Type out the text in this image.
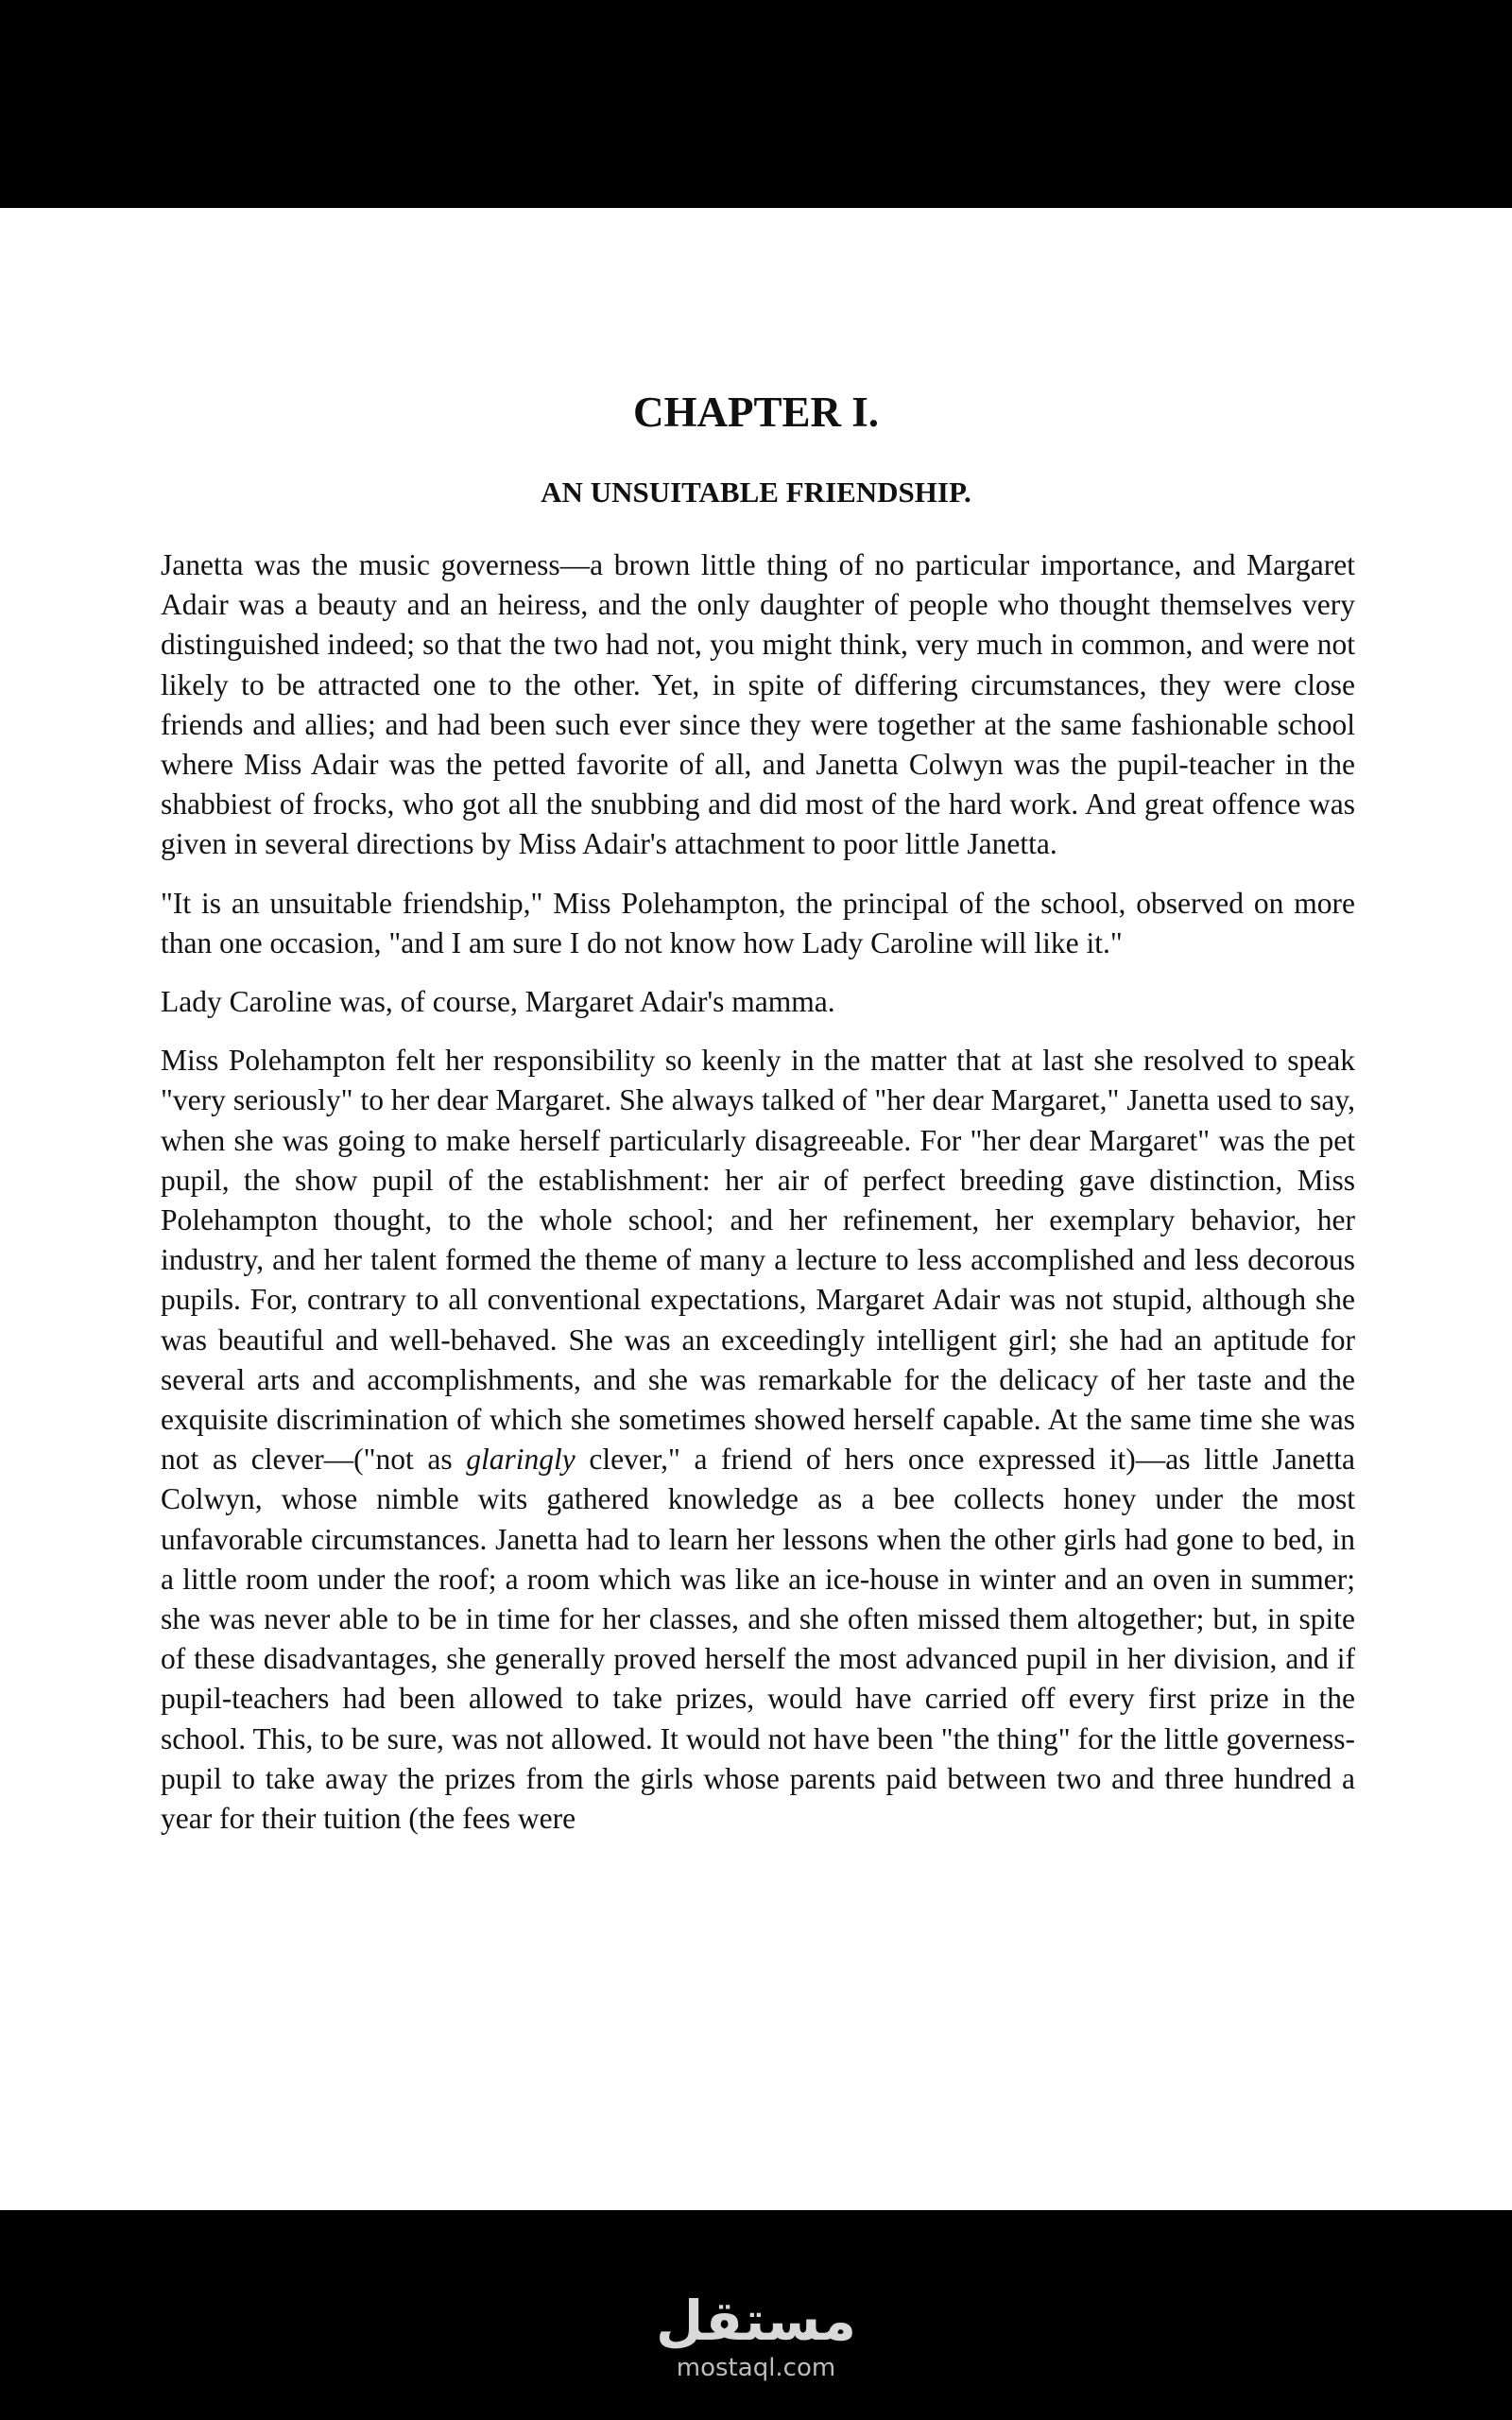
CHAPTER I.
AN UNSUITABLE FRIENDSHIP.

Janetta was the music governess—a brown little thing of no particular importance, and Margaret Adair was a beauty and an heiress, and the only daughter of people who thought themselves very distinguished indeed; so that the two had not, you might think, very much in common, and were not likely to be attracted one to the other. Yet, in spite of differing circumstances, they were close friends and allies; and had been such ever since they were together at the same fashionable school where Miss Adair was the petted favorite of all, and Janetta Colwyn was the pupil-teacher in the shabbiest of frocks, who got all the snubbing and did most of the hard work. And great offence was given in several directions by Miss Adair's attachment to poor little Janetta.

"It is an unsuitable friendship," Miss Polehampton, the principal of the school, observed on more than one occasion, "and I am sure I do not know how Lady Caroline will like it."

Lady Caroline was, of course, Margaret Adair's mamma.

Miss Polehampton felt her responsibility so keenly in the matter that at last she resolved to speak "very seriously" to her dear Margaret. She always talked of "her dear Margaret," Janetta used to say, when she was going to make herself particularly disagreeable. For "her dear Margaret" was the pet pupil, the show pupil of the establishment: her air of perfect breeding gave distinction, Miss Polehampton thought, to the whole school; and her refinement, her exemplary behavior, her industry, and her talent formed the theme of many a lecture to less accomplished and less decorous pupils. For, contrary to all conventional expectations, Margaret Adair was not stupid, although she was beautiful and well-behaved. She was an exceedingly intelligent girl; she had an aptitude for several arts and accomplishments, and she was remarkable for the delicacy of her taste and the exquisite discrimination of which she sometimes showed herself capable. At the same time she was not as clever—("not as glaringly clever," a friend of hers once expressed it)—as little Janetta Colwyn, whose nimble wits gathered knowledge as a bee collects honey under the most unfavorable circumstances. Janetta had to learn her lessons when the other girls had gone to bed, in a little room under the roof; a room which was like an ice-house in winter and an oven in summer; she was never able to be in time for her classes, and she often missed them altogether; but, in spite of these disadvantages, she generally proved herself the most advanced pupil in her division, and if pupil-teachers had been allowed to take prizes, would have carried off every first prize in the school. This, to be sure, was not allowed. It would not have been "the thing" for the little governess-pupil to take away the prizes from the girls whose parents paid between two and three hundred a year for their tuition (the fees were

مستقل
mostaql.com
